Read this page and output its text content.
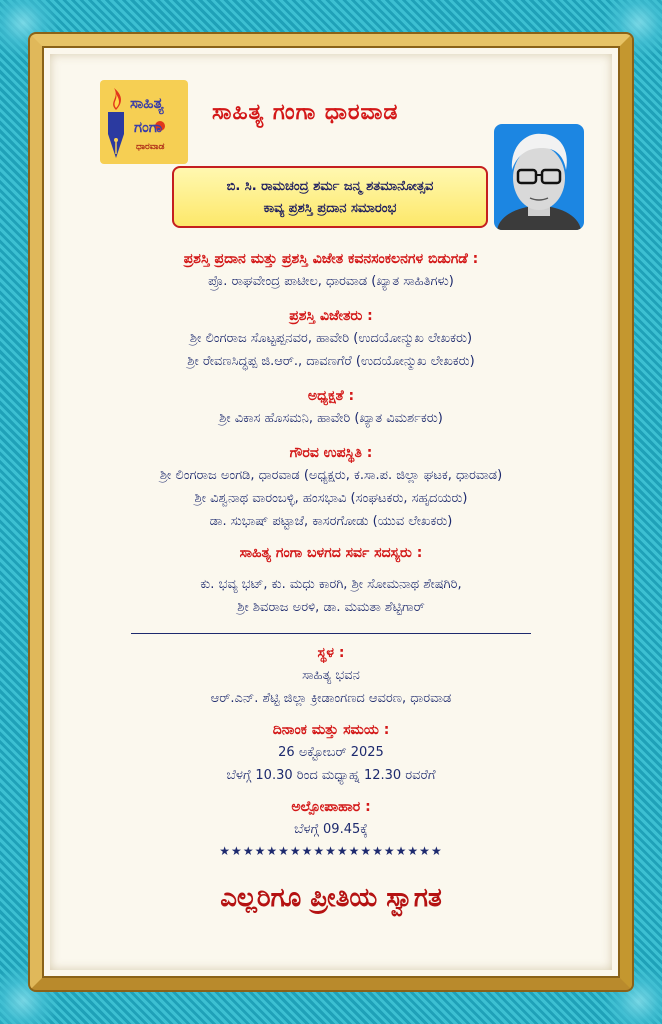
ಸಾಹಿತ್ಯ
ಗಂಗಾ
ಧಾರವಾಡ
ಸಾಹಿತ್ಯ ಗಂಗಾ ಧಾರವಾಡ
ಬಿ. ಸಿ. ರಾಮಚಂದ್ರ ಶರ್ಮ ಜನ್ಮ ಶತಮಾನೋತ್ಸವ
ಕಾವ್ಯ ಪ್ರಶಸ್ತಿ ಪ್ರದಾನ ಸಮಾರಂಭ
ಪ್ರಶಸ್ತಿ ಪ್ರದಾನ ಮತ್ತು ಪ್ರಶಸ್ತಿ ವಿಜೇತ ಕವನಸಂಕಲನಗಳ ಬಿಡುಗಡೆ :
ಪ್ರೊ. ರಾಘವೇಂದ್ರ ಪಾಟೀಲ, ಧಾರವಾಡ (ಖ್ಯಾತ ಸಾಹಿತಿಗಳು)
ಪ್ರಶಸ್ತಿ ವಿಜೇತರು :
ಶ್ರೀ ಲಿಂಗರಾಜ ಸೊಟ್ಟಪ್ಪನವರ, ಹಾವೇರಿ (ಉದಯೋನ್ಮುಖ ಲೇಖಕರು)
ಶ್ರೀ ರೇವಣಸಿದ್ಧಪ್ಪ ಜಿ.ಆರ್., ದಾವಣಗೆರೆ (ಉದಯೋನ್ಮುಖ ಲೇಖಕರು)
ಅಧ್ಯಕ್ಷತೆ :
ಶ್ರೀ ವಿಕಾಸ ಹೊಸಮನಿ, ಹಾವೇರಿ (ಖ್ಯಾತ ವಿಮರ್ಶಕರು)
ಗೌರವ ಉಪಸ್ಥಿತಿ :
ಶ್ರೀ ಲಿಂಗರಾಜ ಅಂಗಡಿ, ಧಾರವಾಡ (ಅಧ್ಯಕ್ಷರು, ಕ.ಸಾ.ಪ. ಜಿಲ್ಲಾ ಘಟಕ, ಧಾರವಾಡ)
ಶ್ರೀ ವಿಶ್ವನಾಥ ವಾರಂಬಳ್ಳಿ, ಹಂಸಭಾವಿ (ಸಂಘಟಕರು, ಸಹೃದಯರು)
ಡಾ. ಸುಭಾಷ್ ಪಟ್ಟಾಜೆ, ಕಾಸರಗೋಡು (ಯುವ ಲೇಖಕರು)
ಸಾಹಿತ್ಯ ಗಂಗಾ ಬಳಗದ ಸರ್ವ ಸದಸ್ಯರು :
ಕು. ಭವ್ಯ ಭಟ್, ಕು. ಮಧು ಕಾರಗಿ, ಶ್ರೀ ಸೋಮನಾಥ ಶೇಷಗಿರಿ,
ಶ್ರೀ ಶಿವರಾಜ ಅರಳಿ, ಡಾ. ಮಮತಾ ಶೆಟ್ಟಿಗಾರ್
ಸ್ಥಳ :
ಸಾಹಿತ್ಯ ಭವನ
ಆರ್.ಎನ್. ಶೆಟ್ಟಿ ಜಿಲ್ಲಾ ಕ್ರೀಡಾಂಗಣದ ಆವರಣ, ಧಾರವಾಡ
ದಿನಾಂಕ ಮತ್ತು ಸಮಯ :
26 ಅಕ್ಟೋಬರ್ 2025
ಬೆಳಗ್ಗೆ 10.30 ರಿಂದ ಮಧ್ಯಾಹ್ನ 12.30 ರವರೆಗೆ
ಅಲ್ಪೋಪಾಹಾರ :
ಬೆಳಗ್ಗೆ 09.45ಕ್ಕೆ
★★★★★★★★★★★★★★★★★★★
ಎಲ್ಲರಿಗೂ ಪ್ರೀತಿಯ ಸ್ವಾಗತ
